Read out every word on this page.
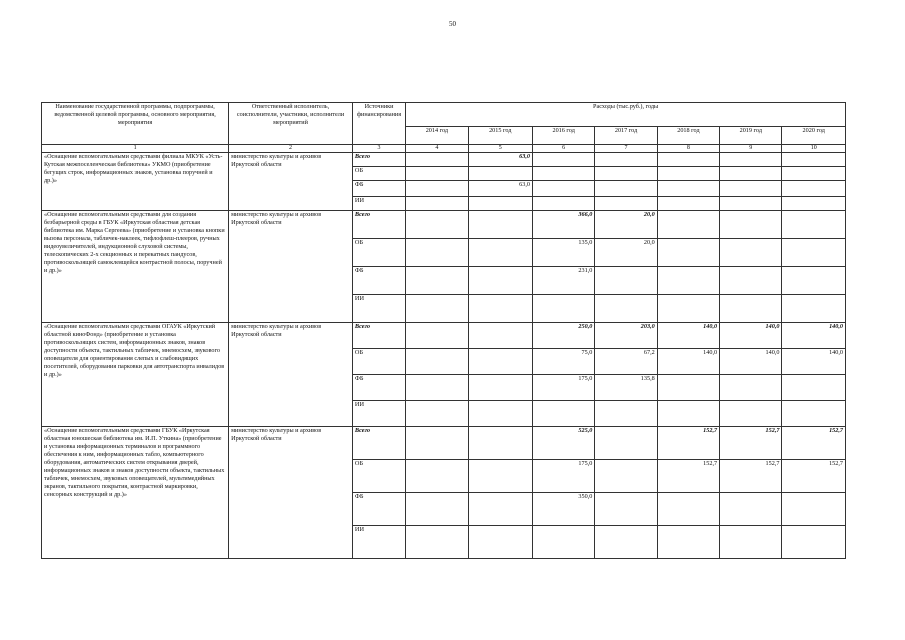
50
Наименование государственной программы, подпрограммы, ведомственной целевой программы, основного мероприятия, мероприятия	Ответственный исполнитель, соисполнители, участники, исполнители мероприятий	Источники финансирования	Расходы (тыс.руб.), годы						
			2014 год	2015 год	2016 год	2017 год	2018 год	2019 год	2020 год
1	2	3	4	5	6	7	8	9	10
«Оснащение вспомогательными средствами филиала МКУК «Усть-Кутская межпоселенческая библиотека» УКМО (приобретение бегущих строк, информационных знаков, установка поручней и др.)»	министерство культуры и архивов Иркутской области	Всего		63,0					
		ОБ							
		ФБ		63,0					
		ИИ							
«Оснащение вспомогательными средствами для создания безбарьерной среды в ГБУК «Иркутская областная детская библиотека им. Марка Сергеева» (приобретение и установка кнопки вызова персонала, табличек-наклеек, тифлофлеш-плееров, ручных видеоувеличителей, индукционной слуховой системы, телескопических 2-х секционных и перекатных пандусов, противоскользящей самоклеящейся контрастной полосы, поручней и др.)»	министерство культуры и архивов Иркутской области	Всего			366,0	20,0			
		ОБ			135,0	20,0			
		ФБ			231,0				
		ИИ							
«Оснащение вспомогательными средствами ОГАУК «Иркутский областной киноФонд» (приобретение и установка противоскользящих систем, информационных знаков, знаков доступности объекта, тактильных табличек, мнемосхем, звукового оповещателя для ориентирования слепых и слабовидящих посетителей, оборудования парковки для автотранспорта инвалидов и др.)»	министерство культуры и архивов Иркутской области	Всего			250,0	203,0	140,0	140,0	140,0
		ОБ			75,0	67,2	140,0	140,0	140,0
		ФБ			175,0	135,8			
		ИИ							
«Оснащение вспомогательными средствами ГБУК «Иркутская областная юношеская библиотека им. И.П. Уткина» (приобретение и установка информационных терминалов и программного обеспечения к ним, информационных табло, компьютерного оборудования, автоматических систем открывания дверей, информационных знаков и знаков доступности объекта, тактильных табличек, мнемосхем, звуковых оповещателей, мультимедийных экранов, тактильного покрытия, контрастной маркировки, сенсорных конструкций и др.)»	министерство культуры и архивов Иркутской области	Всего			525,0		152,7	152,7	152,7
		ОБ			175,0		152,7	152,7	152,7
		ФБ			350,0				
		ИИ							
